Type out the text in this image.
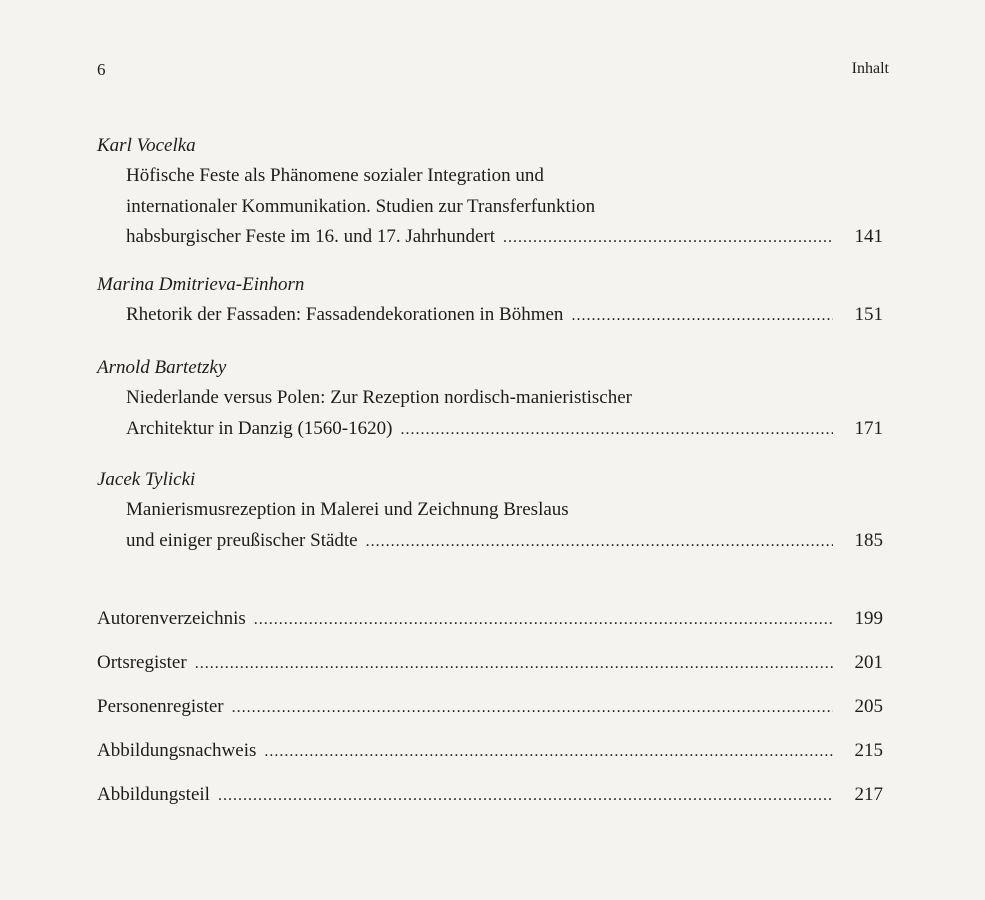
6	Inhalt
Karl Vocelka
Höfische Feste als Phänomene sozialer Integration und
internationaler Kommunikation. Studien zur Transferfunktion
habsburgischer Feste im 16. und 17. Jahrhundert .....	141
Marina Dmitrieva-Einhorn
Rhetorik der Fassaden: Fassadendekorationen in Böhmen .....	151
Arnold Bartetzky
Niederlande versus Polen: Zur Rezeption nordisch-manieristischer
Architektur in Danzig (1560-1620) .....	171
Jacek Tylicki
Manierismusrezeption in Malerei und Zeichnung Breslaus
und einiger preußischer Städte .....	185
Autorenverzeichnis .....	199
Ortsregister .....	201
Personenregister .....	205
Abbildungsnachweis .....	215
Abbildungsteil .....	217
